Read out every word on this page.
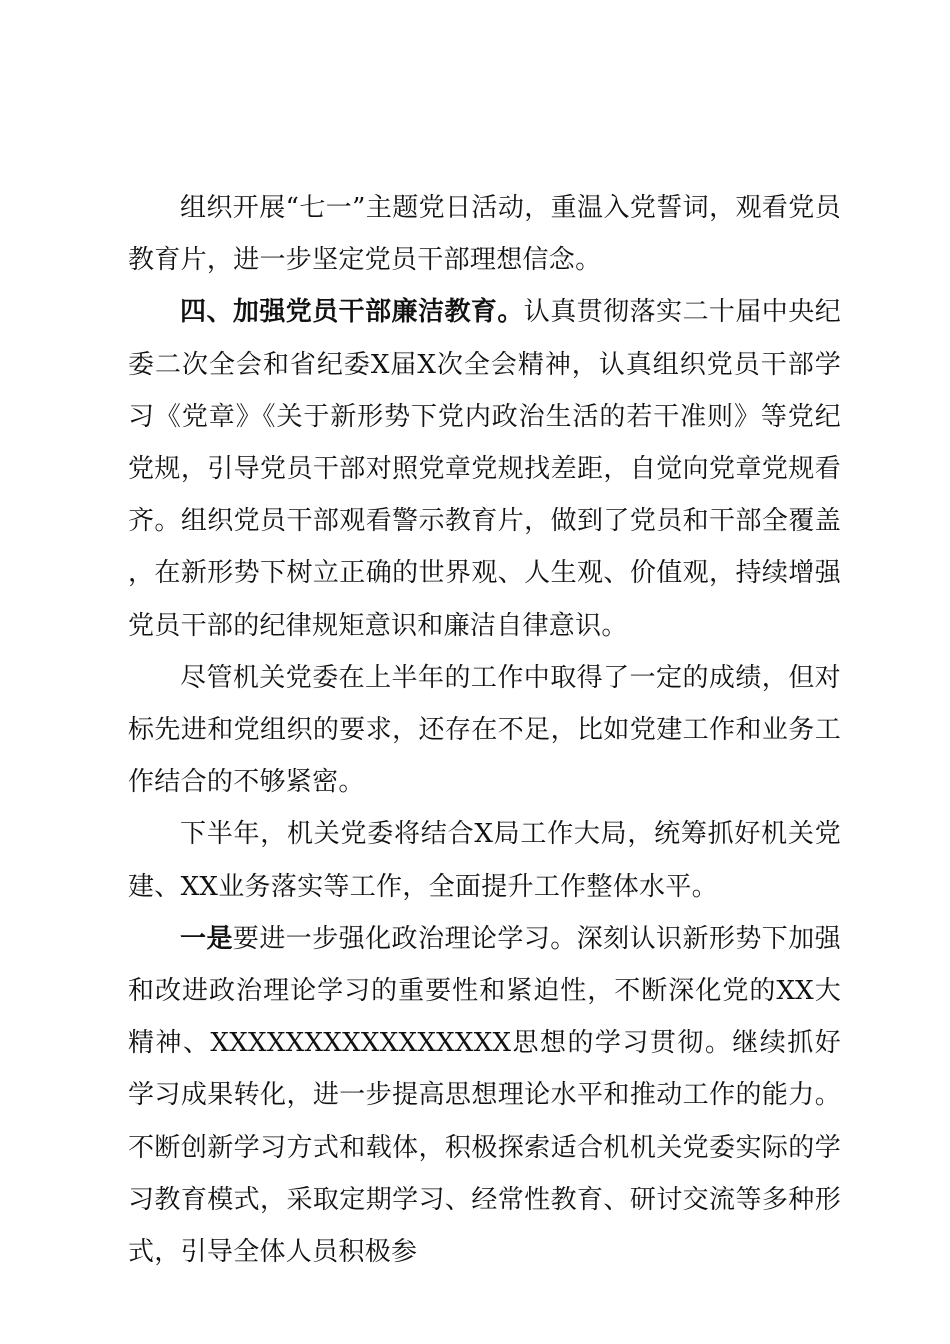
组织开展“七一”主题党日活动，重温入党誓词，观看党员教育片，进一步坚定党员干部理想信念。

四、加强党员干部廉洁教育。认真贯彻落实二十届中央纪委二次全会和省纪委X届X次全会精神，认真组织党员干部学习《党章》《关于新形势下党内政治生活的若干准则》等党纪党规，引导党员干部对照党章党规找差距，自觉向党章党规看齐。组织党员干部观看警示教育片，做到了党员和干部全覆盖，在新形势下树立正确的世界观、人生观、价值观，持续增强党员干部的纪律规矩意识和廉洁自律意识。

尽管机关党委在上半年的工作中取得了一定的成绩，但对标先进和党组织的要求，还存在不足，比如党建工作和业务工作结合的不够紧密。

下半年，机关党委将结合X局工作大局，统筹抓好机关党建、XX业务落实等工作，全面提升工作整体水平。

一是要进一步强化政治理论学习。深刻认识新形势下加强和改进政治理论学习的重要性和紧迫性，不断深化党的XX大精神、XXXXXXXXXXXXXXXX思想的学习贯彻。继续抓好学习成果转化，进一步提高思想理论水平和推动工作的能力。不断创新学习方式和载体，积极探索适合机机关党委实际的学习教育模式，采取定期学习、经常性教育、研讨交流等多种形式，引导全体人员积极参
